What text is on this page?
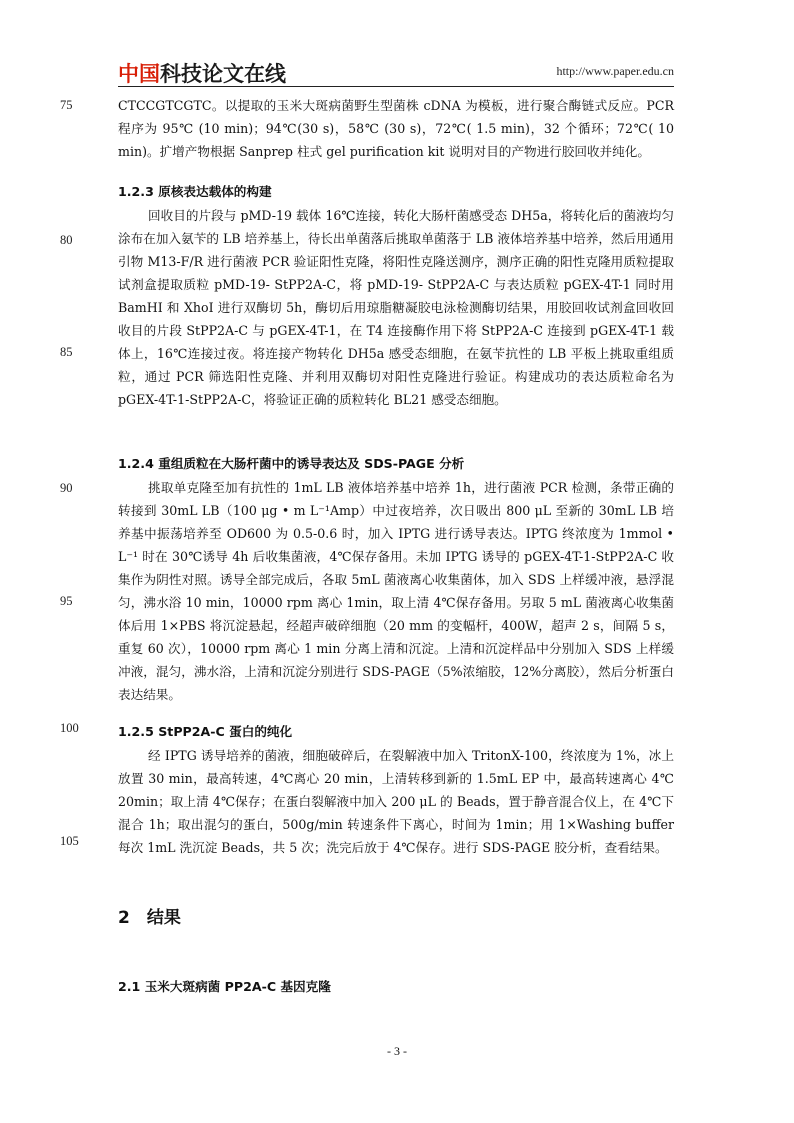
中国科技论文在线	http://www.paper.edu.cn
75
80
85
90
95
100
105
CTCCGTCGTC。以提取的玉米大斑病菌野生型菌株 cDNA 为模板，进行聚合酶链式反应。PCR 程序为 95℃ (10 min)；94℃(30 s)，58℃ (30 s)，72℃( 1.5 min)，32 个循环；72℃( 10 min)。扩增产物根据 Sanprep 柱式 gel purification kit 说明对目的产物进行胶回收并纯化。
1.2.3 原核表达载体的构建
回收目的片段与 pMD-19 载体 16℃连接，转化大肠杆菌感受态 DH5a，将转化后的菌液均匀涂布在加入氨苄的 LB 培养基上，待长出单菌落后挑取单菌落于 LB 液体培养基中培养，然后用通用引物 M13-F/R 进行菌液 PCR 验证阳性克隆，将阳性克隆送测序，测序正确的阳性克隆用质粒提取试剂盒提取质粒 pMD-19- StPP2A-C，将 pMD-19- StPP2A-C 与表达质粒 pGEX-4T-1 同时用 BamHI 和 XhoI 进行双酶切 5h，酶切后用琼脂糖凝胶电泳检测酶切结果，用胶回收试剂盒回收回收目的片段 StPP2A-C 与 pGEX-4T-1，在 T4 连接酶作用下将 StPP2A-C 连接到 pGEX-4T-1 载体上，16℃连接过夜。将连接产物转化 DH5a 感受态细胞，在氨苄抗性的 LB 平板上挑取重组质粒，通过 PCR 筛选阳性克隆、并利用双酶切对阳性克隆进行验证。构建成功的表达质粒命名为 pGEX-4T-1-StPP2A-C，将验证正确的质粒转化 BL21 感受态细胞。
1.2.4 重组质粒在大肠杆菌中的诱导表达及 SDS-PAGE 分析
挑取单克隆至加有抗性的 1mL LB 液体培养基中培养 1h，进行菌液 PCR 检测，条带正确的转接到 30mL LB（100 μg • m L⁻¹Amp）中过夜培养，次日吸出 800 μL 至新的 30mL LB 培养基中振荡培养至 OD600 为 0.5-0.6 时，加入 IPTG 进行诱导表达。IPTG 终浓度为 1mmol • L⁻¹ 时在 30℃诱导 4h 后收集菌液，4℃保存备用。未加 IPTG 诱导的 pGEX-4T-1-StPP2A-C 收集作为阴性对照。诱导全部完成后，各取 5mL 菌液离心收集菌体，加入 SDS 上样缓冲液，悬浮混匀，沸水浴 10 min，10000 rpm 离心 1min，取上清 4℃保存备用。另取 5 mL 菌液离心收集菌体后用 1×PBS 将沉淀悬起，经超声破碎细胞（20 mm 的变幅杆，400W，超声 2 s，间隔 5 s，重复 60 次），10000 rpm 离心 1 min 分离上清和沉淀。上清和沉淀样品中分别加入 SDS 上样缓冲液，混匀，沸水浴，上清和沉淀分别进行 SDS-PAGE（5%浓缩胶，12%分离胶），然后分析蛋白表达结果。
1.2.5 StPP2A-C 蛋白的纯化
经 IPTG 诱导培养的菌液，细胞破碎后，在裂解液中加入 TritonX-100，终浓度为 1%，冰上放置 30 min，最高转速，4℃离心 20 min，上清转移到新的 1.5mL EP 中，最高转速离心 4℃ 20min；取上清 4℃保存；在蛋白裂解液中加入 200 μL 的 Beads，置于静音混合仪上，在 4℃下混合 1h；取出混匀的蛋白，500g/min 转速条件下离心，时间为 1min；用 1×Washing buffer 每次 1mL 洗沉淀 Beads，共 5 次；洗完后放于 4℃保存。进行 SDS-PAGE 胶分析，查看结果。
2　结果
2.1 玉米大斑病菌 PP2A-C 基因克隆
- 3 -
